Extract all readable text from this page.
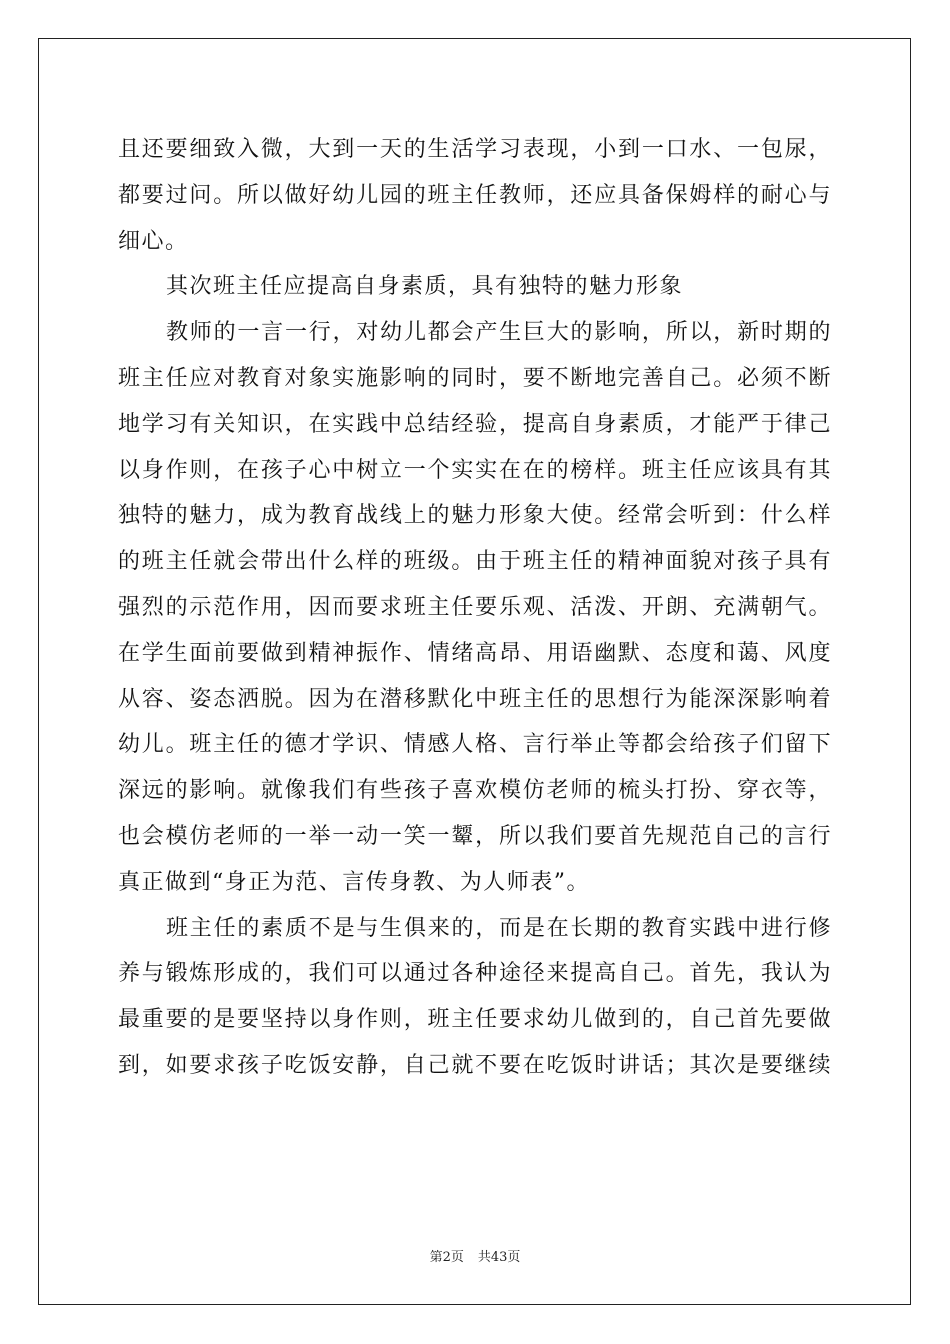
且还要细致入微，大到一天的生活学习表现，小到一口水、一包尿，
都要过问。所以做好幼儿园的班主任教师，还应具备保姆样的耐心与
细心。
其次班主任应提高自身素质，具有独特的魅力形象
教师的一言一行，对幼儿都会产生巨大的影响，所以，新时期的
班主任应对教育对象实施影响的同时，要不断地完善自己。必须不断
地学习有关知识，在实践中总结经验，提高自身素质，才能严于律己
以身作则，在孩子心中树立一个实实在在的榜样。班主任应该具有其
独特的魅力，成为教育战线上的魅力形象大使。经常会听到：什么样
的班主任就会带出什么样的班级。由于班主任的精神面貌对孩子具有
强烈的示范作用，因而要求班主任要乐观、活泼、开朗、充满朝气。
在学生面前要做到精神振作、情绪高昂、用语幽默、态度和蔼、风度
从容、姿态洒脱。因为在潜移默化中班主任的思想行为能深深影响着
幼儿。班主任的德才学识、情感人格、言行举止等都会给孩子们留下
深远的影响。就像我们有些孩子喜欢模仿老师的梳头打扮、穿衣等，
也会模仿老师的一举一动一笑一颦，所以我们要首先规范自己的言行
真正做到“身正为范、言传身教、为人师表”。
班主任的素质不是与生俱来的，而是在长期的教育实践中进行修
养与锻炼形成的，我们可以通过各种途径来提高自己。首先，我认为
最重要的是要坚持以身作则，班主任要求幼儿做到的，自己首先要做
到，如要求孩子吃饭安静，自己就不要在吃饭时讲话；其次是要继续
第2页 共43页
